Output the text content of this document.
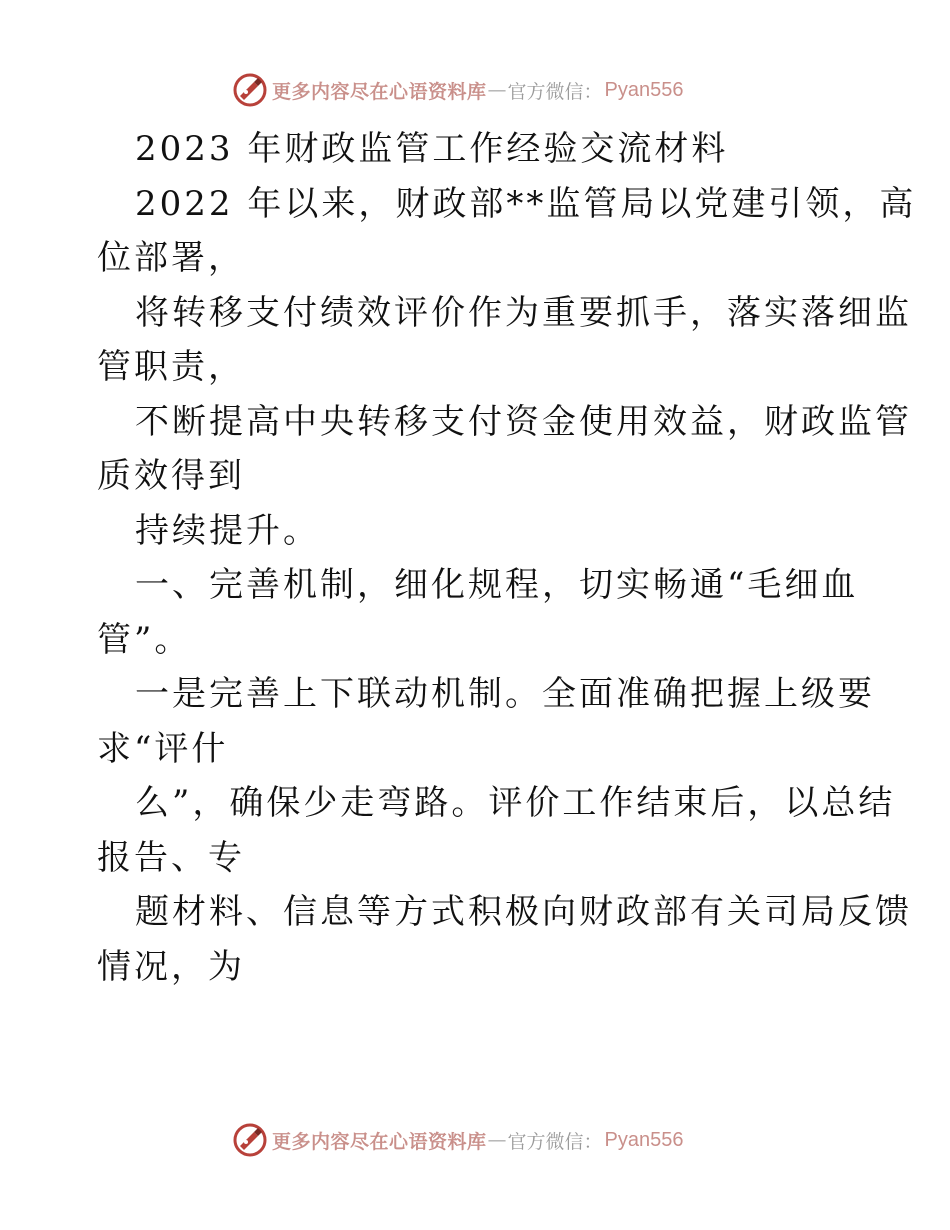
更多内容尽在心语资料库 — 官方微信： Pyan556
2023 年财政监管工作经验交流材料
2022 年以来，财政部**监管局以党建引领，高
位部署，
将转移支付绩效评价作为重要抓手，落实落细监
管职责，
不断提高中央转移支付资金使用效益，财政监管
质效得到
持续提升。
一、完善机制，细化规程，切实畅通“毛细血
管”。
一是完善上下联动机制。全面准确把握上级要
求“评什
么”，确保少走弯路。评价工作结束后，以总结
报告、专
题材料、信息等方式积极向财政部有关司局反馈
情况，为
更多内容尽在心语资料库 — 官方微信： Pyan556
